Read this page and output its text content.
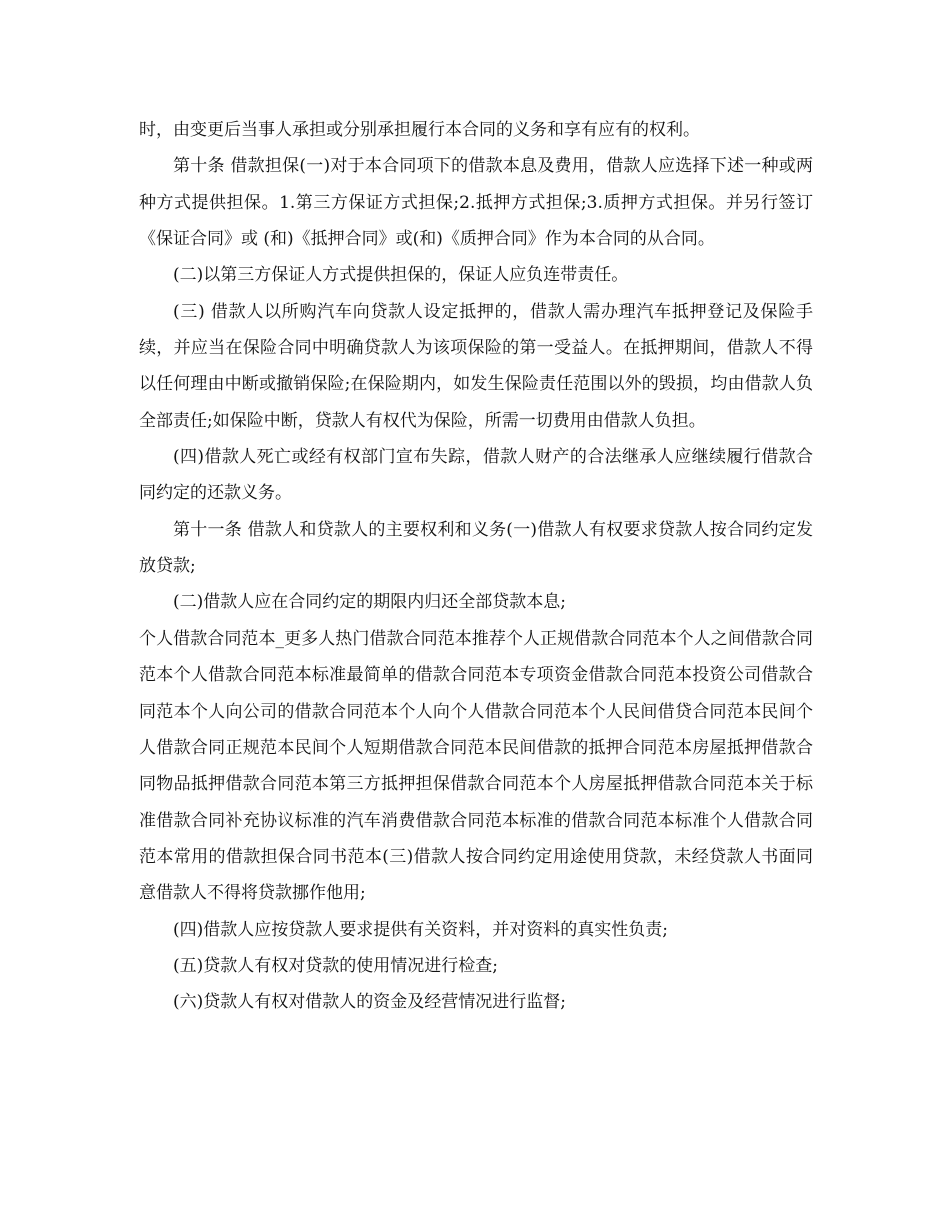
时，由变更后当事人承担或分别承担履行本合同的义务和享有应有的权利。

第十条 借款担保(一)对于本合同项下的借款本息及费用，借款人应选择下述一种或两种方式提供担保。1.第三方保证方式担保;2.抵押方式担保;3.质押方式担保。并另行签订《保证合同》或 (和)《抵押合同》或(和)《质押合同》作为本合同的从合同。

(二)以第三方保证人方式提供担保的，保证人应负连带责任。

(三) 借款人以所购汽车向贷款人设定抵押的，借款人需办理汽车抵押登记及保险手续，并应当在保险合同中明确贷款人为该项保险的第一受益人。在抵押期间，借款人不得以任何理由中断或撤销保险;在保险期内，如发生保险责任范围以外的毁损，均由借款人负全部责任;如保险中断，贷款人有权代为保险，所需一切费用由借款人负担。

(四)借款人死亡或经有权部门宣布失踪，借款人财产的合法继承人应继续履行借款合同约定的还款义务。

第十一条 借款人和贷款人的主要权利和义务(一)借款人有权要求贷款人按合同约定发放贷款;

(二)借款人应在合同约定的期限内归还全部贷款本息;

个人借款合同范本_更多人热门借款合同范本推荐个人正规借款合同范本个人之间借款合同范本个人借款合同范本标准最简单的借款合同范本专项资金借款合同范本投资公司借款合同范本个人向公司的借款合同范本个人向个人借款合同范本个人民间借贷合同范本民间个人借款合同正规范本民间个人短期借款合同范本民间借款的抵押合同范本房屋抵押借款合同物品抵押借款合同范本第三方抵押担保借款合同范本个人房屋抵押借款合同范本关于标准借款合同补充协议标准的汽车消费借款合同范本标准的借款合同范本标准个人借款合同范本常用的借款担保合同书范本(三)借款人按合同约定用途使用贷款，未经贷款人书面同意借款人不得将贷款挪作他用;

(四)借款人应按贷款人要求提供有关资料，并对资料的真实性负责;

(五)贷款人有权对贷款的使用情况进行检查;

(六)贷款人有权对借款人的资金及经营情况进行监督;
